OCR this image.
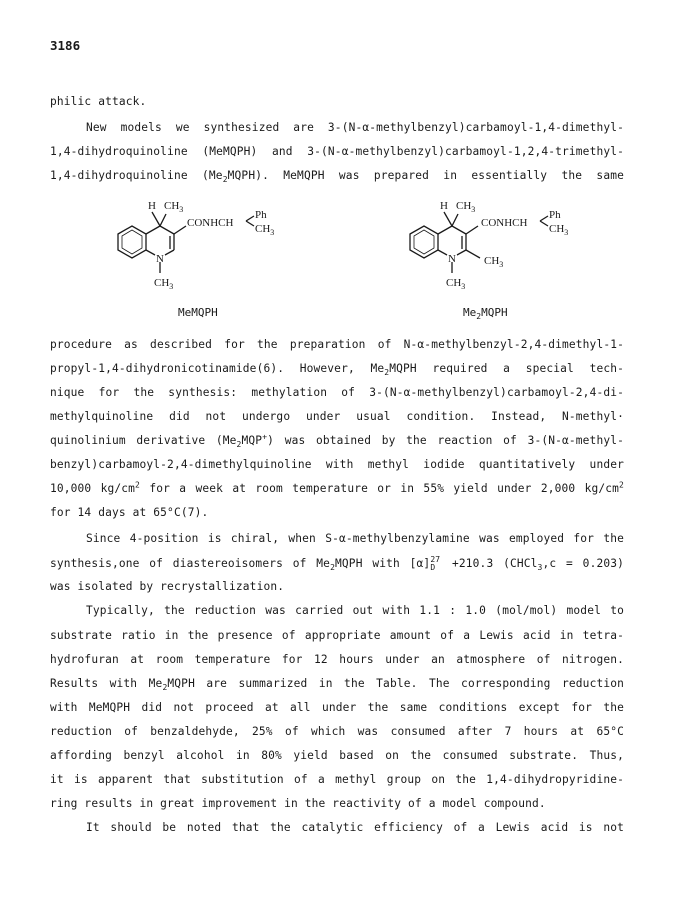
3186
philic attack.
New models we synthesized are 3-(N-α-methylbenzyl)carbamoyl-1,4-dimethyl-
1,4-dihydroquinoline (MeMQPH) and 3-(N-α-methylbenzyl)carbamoyl-1,2,4-trimethyl-
1,4-dihydroquinoline $(Me_2MQPH)$. MeMQPH was prepared in essentially the same
H $CH_3$
CONHCH
Ph
$CH_3$
N
$CH_3$
MeMQPH
H $CH_3$
CONHCH
Ph
$CH_3$
N	$CH_3$
$CH_3$
$Me_2MQPH$
procedure as described for the preparation of N-α-methylbenzyl-2,4-dimethyl-1-
propyl-1,4-dihydronicotinamide(6). However, $Me_2MQPH$ required a special tech-
nique for the synthesis: methylation of 3-(N-α-methylbenzyl)carbamoyl-2,4-di-
methylquinoline did not undergo under usual condition. Instead, N-methyl·
quinolinium derivative $(Me_2MQP^+)$ was obtained by the reaction of 3-(N-α-methyl-
benzyl)carbamoyl-2,4-dimethylquinoline with methyl iodide quantitatively under
10,000 $kg/cm^2$ for a week at room temperature or in 55% yield under 2,000 $kg/cm^2$
for 14 days at 65°C(7).
Since 4-position is chiral, when S-α-methylbenzylamine was employed for the
synthesis,one of diastereoisomers of $Me_2MQPH$ with [α] 27
D +210.3 (CHCl$_3$,c = 0.203)
was isolated by recrystallization.
Typically, the reduction was carried out with 1.1 : 1.0 (mol/mol) model to
substrate ratio in the presence of appropriate amount of a Lewis acid in tetra-
hydrofuran at room temperature for 12 hours under an atmosphere of nitrogen.
Results with $Me_2MQPH$ are summarized in the Table. The corresponding reduction
with MeMQPH did not proceed at all under the same conditions except for the
reduction of benzaldehyde, 25% of which was consumed after 7 hours at 65°C
affording benzyl alcohol in 80% yield based on the consumed substrate. Thus,
it is apparent that substitution of a methyl group on the 1,4-dihydropyridine-
ring results in great improvement in the reactivity of a model compound.
It should be noted that the catalytic efficiency of a Lewis acid is not
